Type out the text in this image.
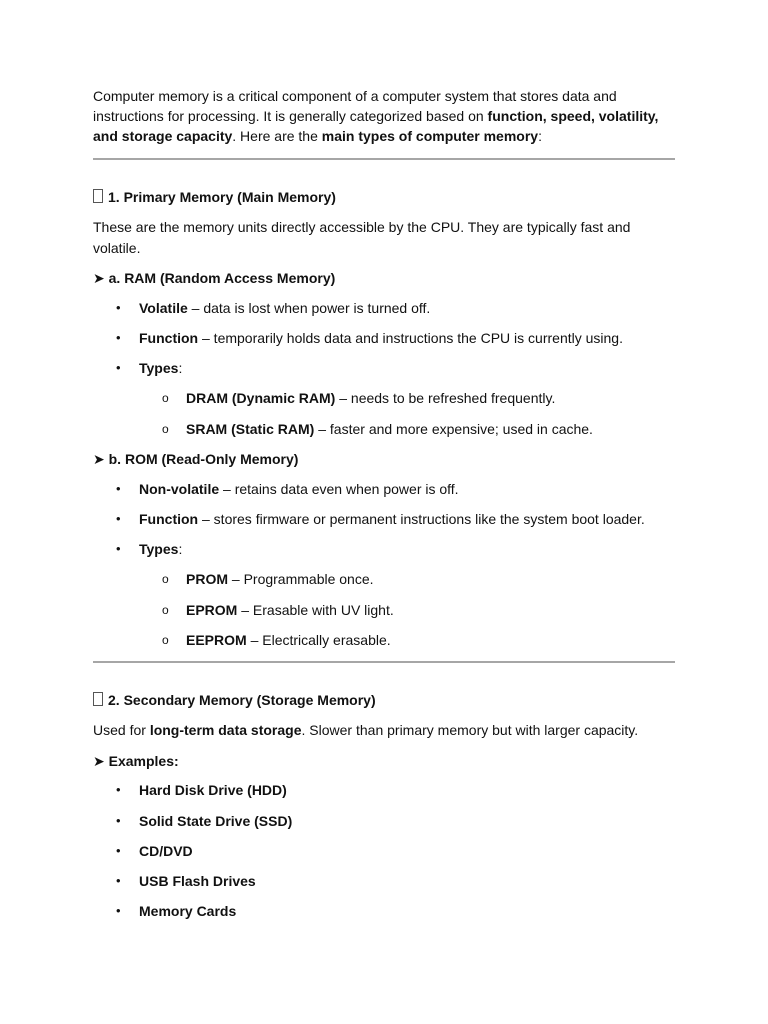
Computer memory is a critical component of a computer system that stores data and instructions for processing. It is generally categorized based on function, speed, volatility, and storage capacity. Here are the main types of computer memory:
1. Primary Memory (Main Memory)
These are the memory units directly accessible by the CPU. They are typically fast and
volatile.
➤ a. RAM (Random Access Memory)
• Volatile – data is lost when power is turned off.
• Function – temporarily holds data and instructions the CPU is currently using.
• Types:
o DRAM (Dynamic RAM) – needs to be refreshed frequently.
o SRAM (Static RAM) – faster and more expensive; used in cache.
➤ b. ROM (Read-Only Memory)
• Non-volatile – retains data even when power is off.
• Function – stores firmware or permanent instructions like the system boot loader.
• Types:
o PROM – Programmable once.
o EPROM – Erasable with UV light.
o EEPROM – Electrically erasable.
2. Secondary Memory (Storage Memory)
Used for long-term data storage. Slower than primary memory but with larger capacity.
➤ Examples:
• Hard Disk Drive (HDD)
• Solid State Drive (SSD)
• CD/DVD
• USB Flash Drives
• Memory Cards
